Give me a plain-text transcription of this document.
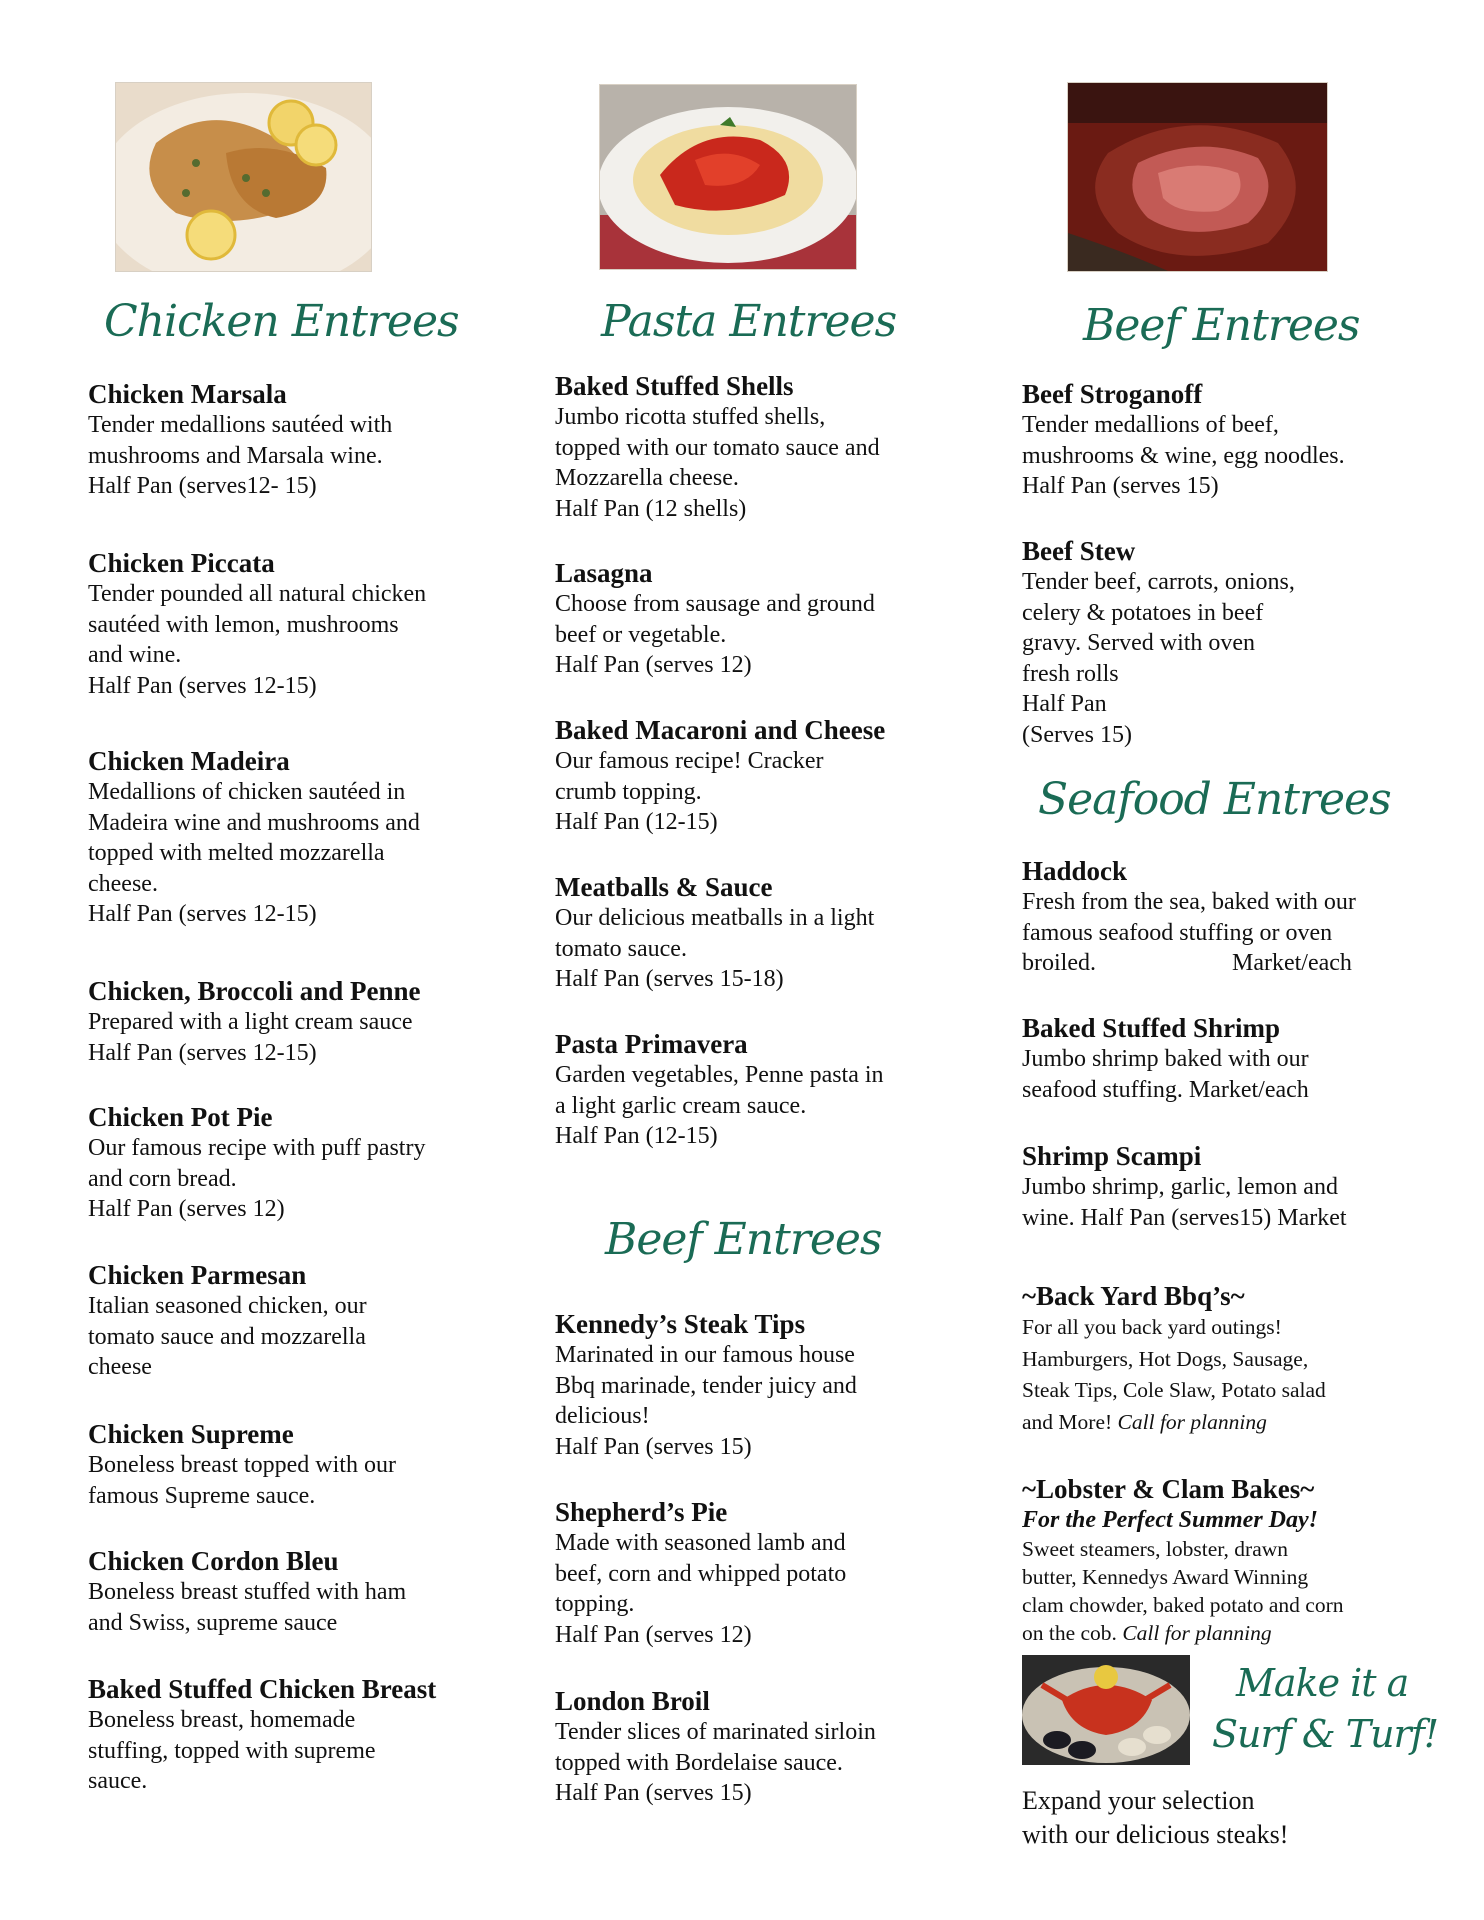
Chicken Entrees	Pasta Entrees	Beef Entrees
Beef Entrees
Seafood Entrees

Chicken Marsala

Tender medallions sautéed with
mushrooms and Marsala wine.
Half Pan (serves12- 15)

Chicken Piccata

Tender pounded all natural chicken
sautéed with lemon, mushrooms
and wine.
Half Pan (serves 12-15)

Chicken Madeira

Medallions of chicken sautéed in
Madeira wine and mushrooms and
topped with melted mozzarella
cheese.
Half Pan (serves 12-15)

Chicken, Broccoli and Penne

Prepared with a light cream sauce
Half Pan (serves 12-15)

Chicken Pot Pie

Our famous recipe with puff pastry
and corn bread.
Half Pan (serves 12)

Chicken Parmesan

Italian seasoned chicken, our
tomato sauce and mozzarella
cheese

Chicken Supreme

Boneless breast topped with our
famous Supreme sauce.

Chicken Cordon Bleu

Boneless breast stuffed with ham
and Swiss, supreme sauce

Baked Stuffed Chicken Breast

Boneless breast, homemade
stuffing, topped with supreme
sauce.

Baked Stuffed Shells

Jumbo ricotta stuffed shells,
topped with our tomato sauce and
Mozzarella cheese.
Half Pan (12 shells)

Lasagna

Choose from sausage and ground
beef or vegetable.
Half Pan (serves 12)

Baked Macaroni and Cheese

Our famous recipe! Cracker
crumb topping.
Half Pan (12-15)

Meatballs & Sauce

Our delicious meatballs in a light
tomato sauce.
Half Pan (serves 15-18)

Pasta Primavera

Garden vegetables, Penne pasta in
a light garlic cream sauce.
Half Pan (12-15)

Kennedy’s Steak Tips

Marinated in our famous house
Bbq marinade, tender juicy and
delicious!
Half Pan (serves 15)

Shepherd’s Pie

Made with seasoned lamb and
beef, corn and whipped potato
topping.
Half Pan (serves 12)

London Broil

Tender slices of marinated sirloin
topped with Bordelaise sauce.
Half Pan (serves 15)

Beef Stroganoff

Tender medallions of beef,
mushrooms & wine, egg noodles.
Half Pan (serves 15)

Beef Stew

Tender beef, carrots, onions,
celery & potatoes in beef
gravy. Served with oven
fresh rolls
Half Pan
(Serves 15)

Haddock

Fresh from the sea, baked with our
famous seafood stuffing or oven
broiled.	Market/each

Baked Stuffed Shrimp

Jumbo shrimp baked with our
seafood stuffing. Market/each

Shrimp Scampi

Jumbo shrimp, garlic, lemon and
wine. Half Pan (serves15) Market

~Back Yard Bbq’s~

For all you back yard outings!
Hamburgers, Hot Dogs, Sausage,
Steak Tips, Cole Slaw, Potato salad
and More! Call for planning

~Lobster & Clam Bakes~

For the Perfect Summer Day!

Sweet steamers, lobster, drawn
butter, Kennedys Award Winning
clam chowder, baked potato and corn
on the cob. Call for planning

Make it a
Surf & Turf!

Expand your selection
with our delicious steaks!
